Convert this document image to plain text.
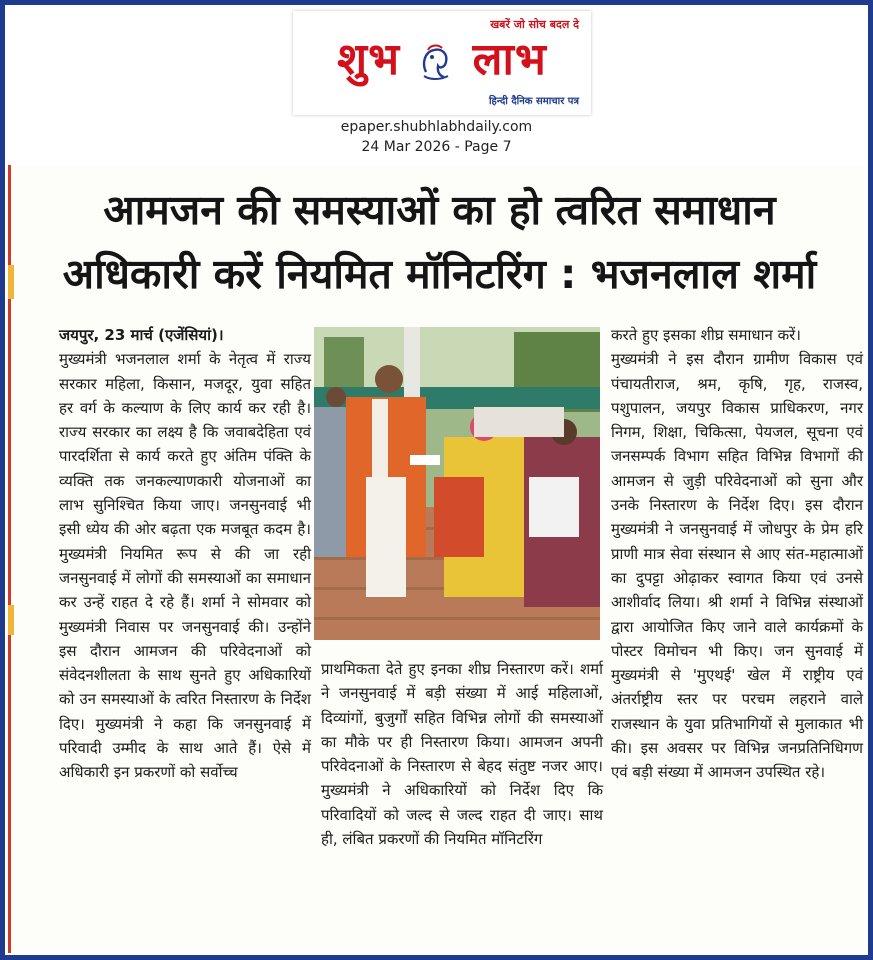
खबरें जो सोच बदल दे
शुभ लाभ
हिन्दी दैनिक समाचार पत्र
epaper.shubhlabhdaily.com
24 Mar 2026 - Page 7
आमजन की समस्याओं का हो त्वरित समाधान
अधिकारी करें नियमित मॉनिटरिंग : भजनलाल शर्मा

जयपुर, 23 मार्च (एजेंसियां)।

मुख्यमंत्री भजनलाल शर्मा के नेतृत्व में राज्य सरकार महिला, किसान, मजदूर, युवा सहित हर वर्ग के कल्याण के लिए कार्य कर रही है। राज्य सरकार का लक्ष्य है कि जवाबदेहिता एवं पारदर्शिता से कार्य करते हुए अंतिम पंक्ति के व्यक्ति तक जनकल्याणकारी योजनाओं का लाभ सुनिश्चित किया जाए। जनसुनवाई भी इसी ध्येय की ओर बढ़ता एक मजबूत कदम है। मुख्यमंत्री नियमित रूप से की जा रही जनसुनवाई में लोगों की समस्याओं का समाधान कर उन्हें राहत दे रहे हैं। शर्मा ने सोमवार को मुख्यमंत्री निवास पर जनसुनवाई की। उन्होंने इस दौरान आमजन की परिवेदनाओं को संवेदनशीलता के साथ सुनते हुए अधिकारियों को उन समस्याओं के त्वरित निस्तारण के निर्देश दिए। मुख्यमंत्री ने कहा कि जनसुनवाई में परिवादी उम्मीद के साथ आते हैं। ऐसे में अधिकारी इन प्रकरणों को सर्वोच्च

प्राथमिकता देते हुए इनका शीघ्र निस्तारण करें। शर्मा ने जनसुनवाई में बड़ी संख्या में आई महिलाओं, दिव्यांगों, बुजुर्गों सहित विभिन्न लोगों की समस्याओं का मौके पर ही निस्तारण किया। आमजन अपनी परिवेदनाओं के निस्तारण से बेहद संतुष्ट नजर आए। मुख्यमंत्री ने अधिकारियों को निर्देश दिए कि परिवादियों को जल्द से जल्द राहत दी जाए। साथ ही, लंबित प्रकरणों की नियमित मॉनिटरिंग

करते हुए इसका शीघ्र समाधान करें।

मुख्यमंत्री ने इस दौरान ग्रामीण विकास एवं पंचायतीराज, श्रम, कृषि, गृह, राजस्व, पशुपालन, जयपुर विकास प्राधिकरण, नगर निगम, शिक्षा, चिकित्सा, पेयजल, सूचना एवं जनसम्पर्क विभाग सहित विभिन्न विभागों की आमजन से जुड़ी परिवेदनाओं को सुना और उनके निस्तारण के निर्देश दिए। इस दौरान मुख्यमंत्री ने जनसुनवाई में जोधपुर के प्रेम हरि प्राणी मात्र सेवा संस्थान से आए संत-महात्माओं का दुपट्टा ओढ़ाकर स्वागत किया एवं उनसे आशीर्वाद लिया। श्री शर्मा ने विभिन्न संस्थाओं द्वारा आयोजित किए जाने वाले कार्यक्रमों के पोस्टर विमोचन भी किए। जन सुनवाई में मुख्यमंत्री से 'मुएथई' खेल में राष्ट्रीय एवं अंतर्राष्ट्रीय स्तर पर परचम लहराने वाले राजस्थान के युवा प्रतिभागियों से मुलाकात भी की। इस अवसर पर विभिन्न जनप्रतिनिधिगण एवं बड़ी संख्या में आमजन उपस्थित रहे।
